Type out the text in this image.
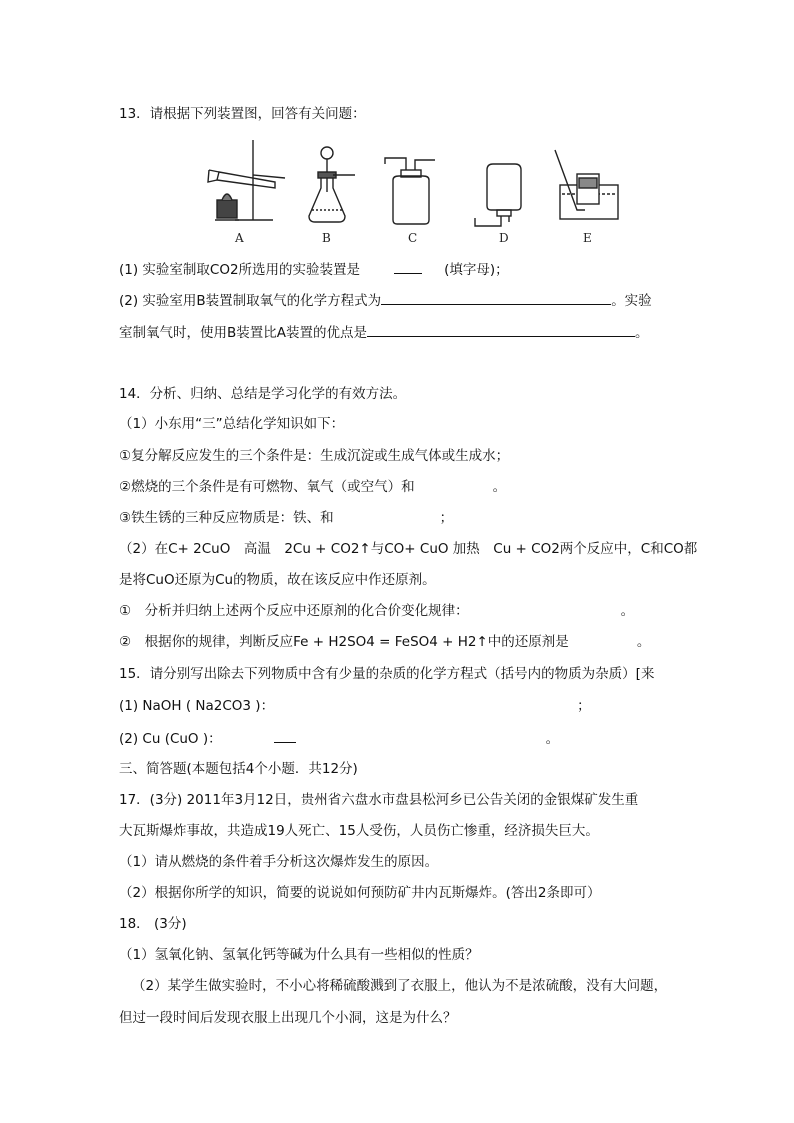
13．请根据下列装置图，回答有关问题：
A	B	C	D	E
(1) 实验室制取CO2所选用的实验装置是	(填字母)；
(2) 实验室用B装置制取氧气的化学方程式为	。实验
室制氧气时，使用B装置比A装置的优点是	。
14．分析、归纳、总结是学习化学的有效方法。
（1）小东用“三”总结化学知识如下：
①复分解反应发生的三个条件是：生成沉淀或生成气体或生成水；
②燃烧的三个条件是有可燃物、氧气（或空气）和	。
③铁生锈的三种反应物质是：铁、和	；
（2）在C+ 2CuO　高温　2Cu + CO2↑与CO+ CuO 加热　Cu + CO2两个反应中，C和CO都
是将CuO还原为Cu的物质，故在该反应中作还原剂。
①　分析并归纳上述两个反应中还原剂的化合价变化规律：	。
②　根据你的规律，判断反应Fe + H2SO4 = FeSO4 + H2↑中的还原剂是	。
15．请分别写出除去下列物质中含有少量的杂质的化学方程式（括号内的物质为杂质）[来
(1) NaOH ( Na2CO3 )：	；
(2) Cu (CuO )：	。
三、简答题(本题包括4个小题．共12分)
17．(3分) 2011年3月12日，贵州省六盘水市盘县松河乡已公告关闭的金银煤矿发生重
大瓦斯爆炸事故，共造成19人死亡、15人受伤，人员伤亡惨重，经济损失巨大。
（1）请从燃烧的条件着手分析这次爆炸发生的原因。
（2）根据你所学的知识，简要的说说如何预防矿井内瓦斯爆炸。(答出2条即可）
18． (3分)
（1）氢氧化钠、氢氧化钙等碱为什么具有一些相似的性质？
（2）某学生做实验时，不小心将稀硫酸溅到了衣服上，他认为不是浓硫酸，没有大问题，
但过一段时间后发现衣服上出现几个小洞，这是为什么？
